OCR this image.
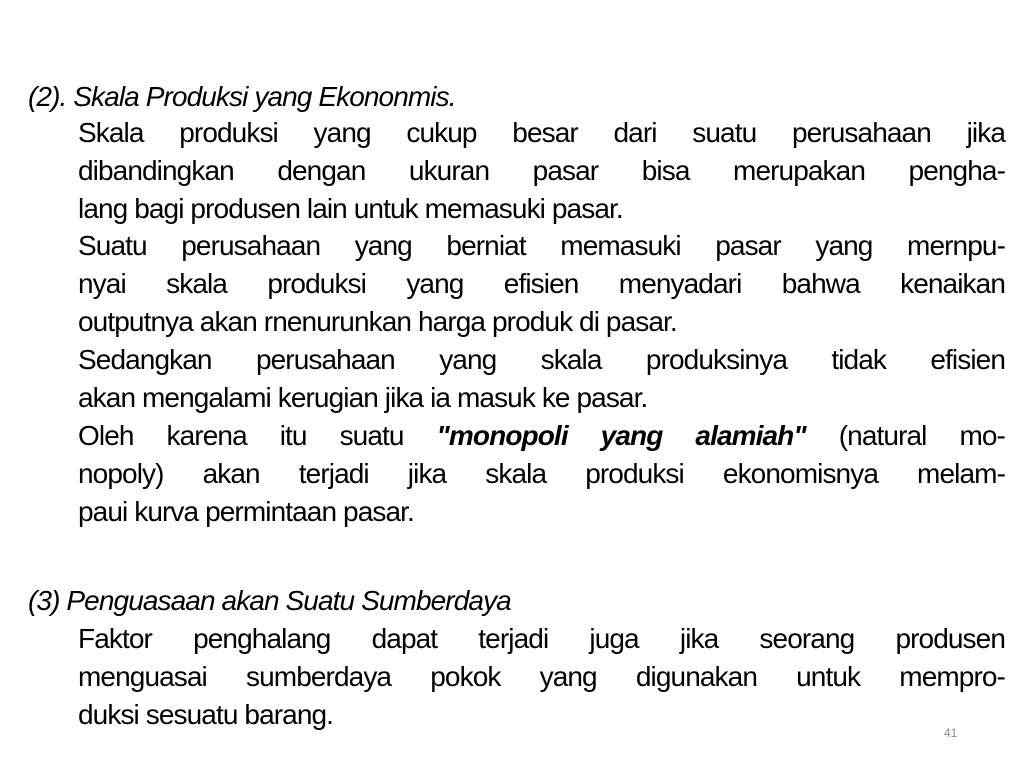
(2). Skala Produksi yang Ekononmis.
Skala produksi yang cukup besar dari suatu perusahaan jika
dibandingkan dengan ukuran pasar bisa merupakan pengha-
lang bagi produsen lain untuk memasuki pasar.
Suatu perusahaan yang berniat memasuki pasar yang mernpu-
nyai skala produksi yang efisien menyadari bahwa kenaikan
outputnya akan rnenurunkan harga produk di pasar.
Sedangkan perusahaan yang skala produksinya tidak efisien
akan mengalami kerugian jika ia masuk ke pasar.
Oleh karena itu suatu "monopoli yang alamiah" (natural mo-
nopoly) akan terjadi jika skala produksi ekonomisnya melam-
paui kurva permintaan pasar.
(3) Penguasaan akan Suatu Sumberdaya
Faktor penghalang dapat terjadi juga jika seorang produsen
menguasai sumberdaya pokok yang digunakan untuk mempro-
duksi sesuatu barang.
41
